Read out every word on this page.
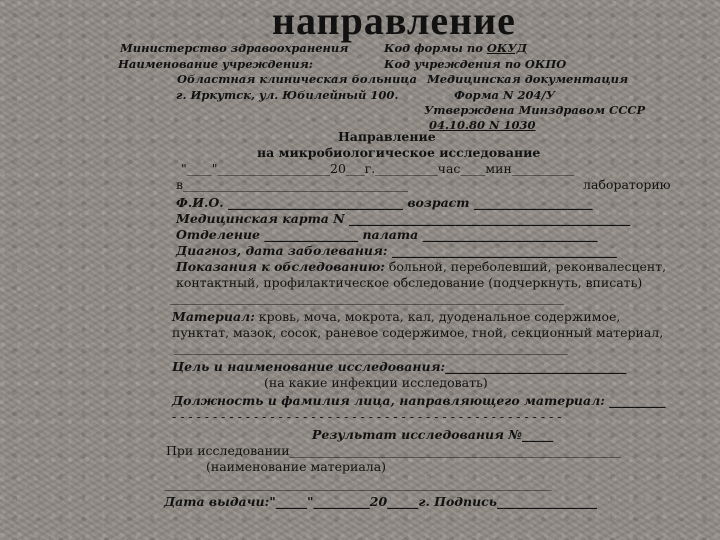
направление
Министерство здравоохранения
Наименование учреждения:
Областная клиническая больница
г. Иркутск, ул. Юбилейный 100.
Код формы по ОКУД
Код учреждения по ОКПО
Медицинская документация
Форма N 204/У
Утверждена Минздравом СССР
04.10.80 N 1030
Направление
на микробиологическое исследование
"____"__________________20___г.__________час____мин__________
в____________________________________	лабораторию
Ф.И.О. ____________________________ возраст ___________________
Медицинская карта N _____________________________________________
Отделение _______________ палата ____________________________
Диагноз, дата заболевания: ____________________________________
Показания к обследованию: больной, переболевший, реконвалесцент,
контактный, профилактическое обследование (подчеркнуть, вписать)
_______________________________________________________________
Материал: кровь, моча, мокрота, кал, дуоденальное содержимое,
пунктат, мазок, сосок, раневое содержимое, гной, секционный материал,
_______________________________________________________________
Цель и наименование исследования:_____________________________
(на какие инфекции исследовать)
Должность и фамилия лица, направляющего материал: _________
- - - - - - - - - - - - - - - - - - - - - - - - - - - - - - - - - - - - - - - - - - - - - - - -
Результат исследования №_____
При исследовании_____________________________________________________
(наименование материала)
______________________________________________________________
Дата выдачи:"_____"_________20_____г. Подпись________________
